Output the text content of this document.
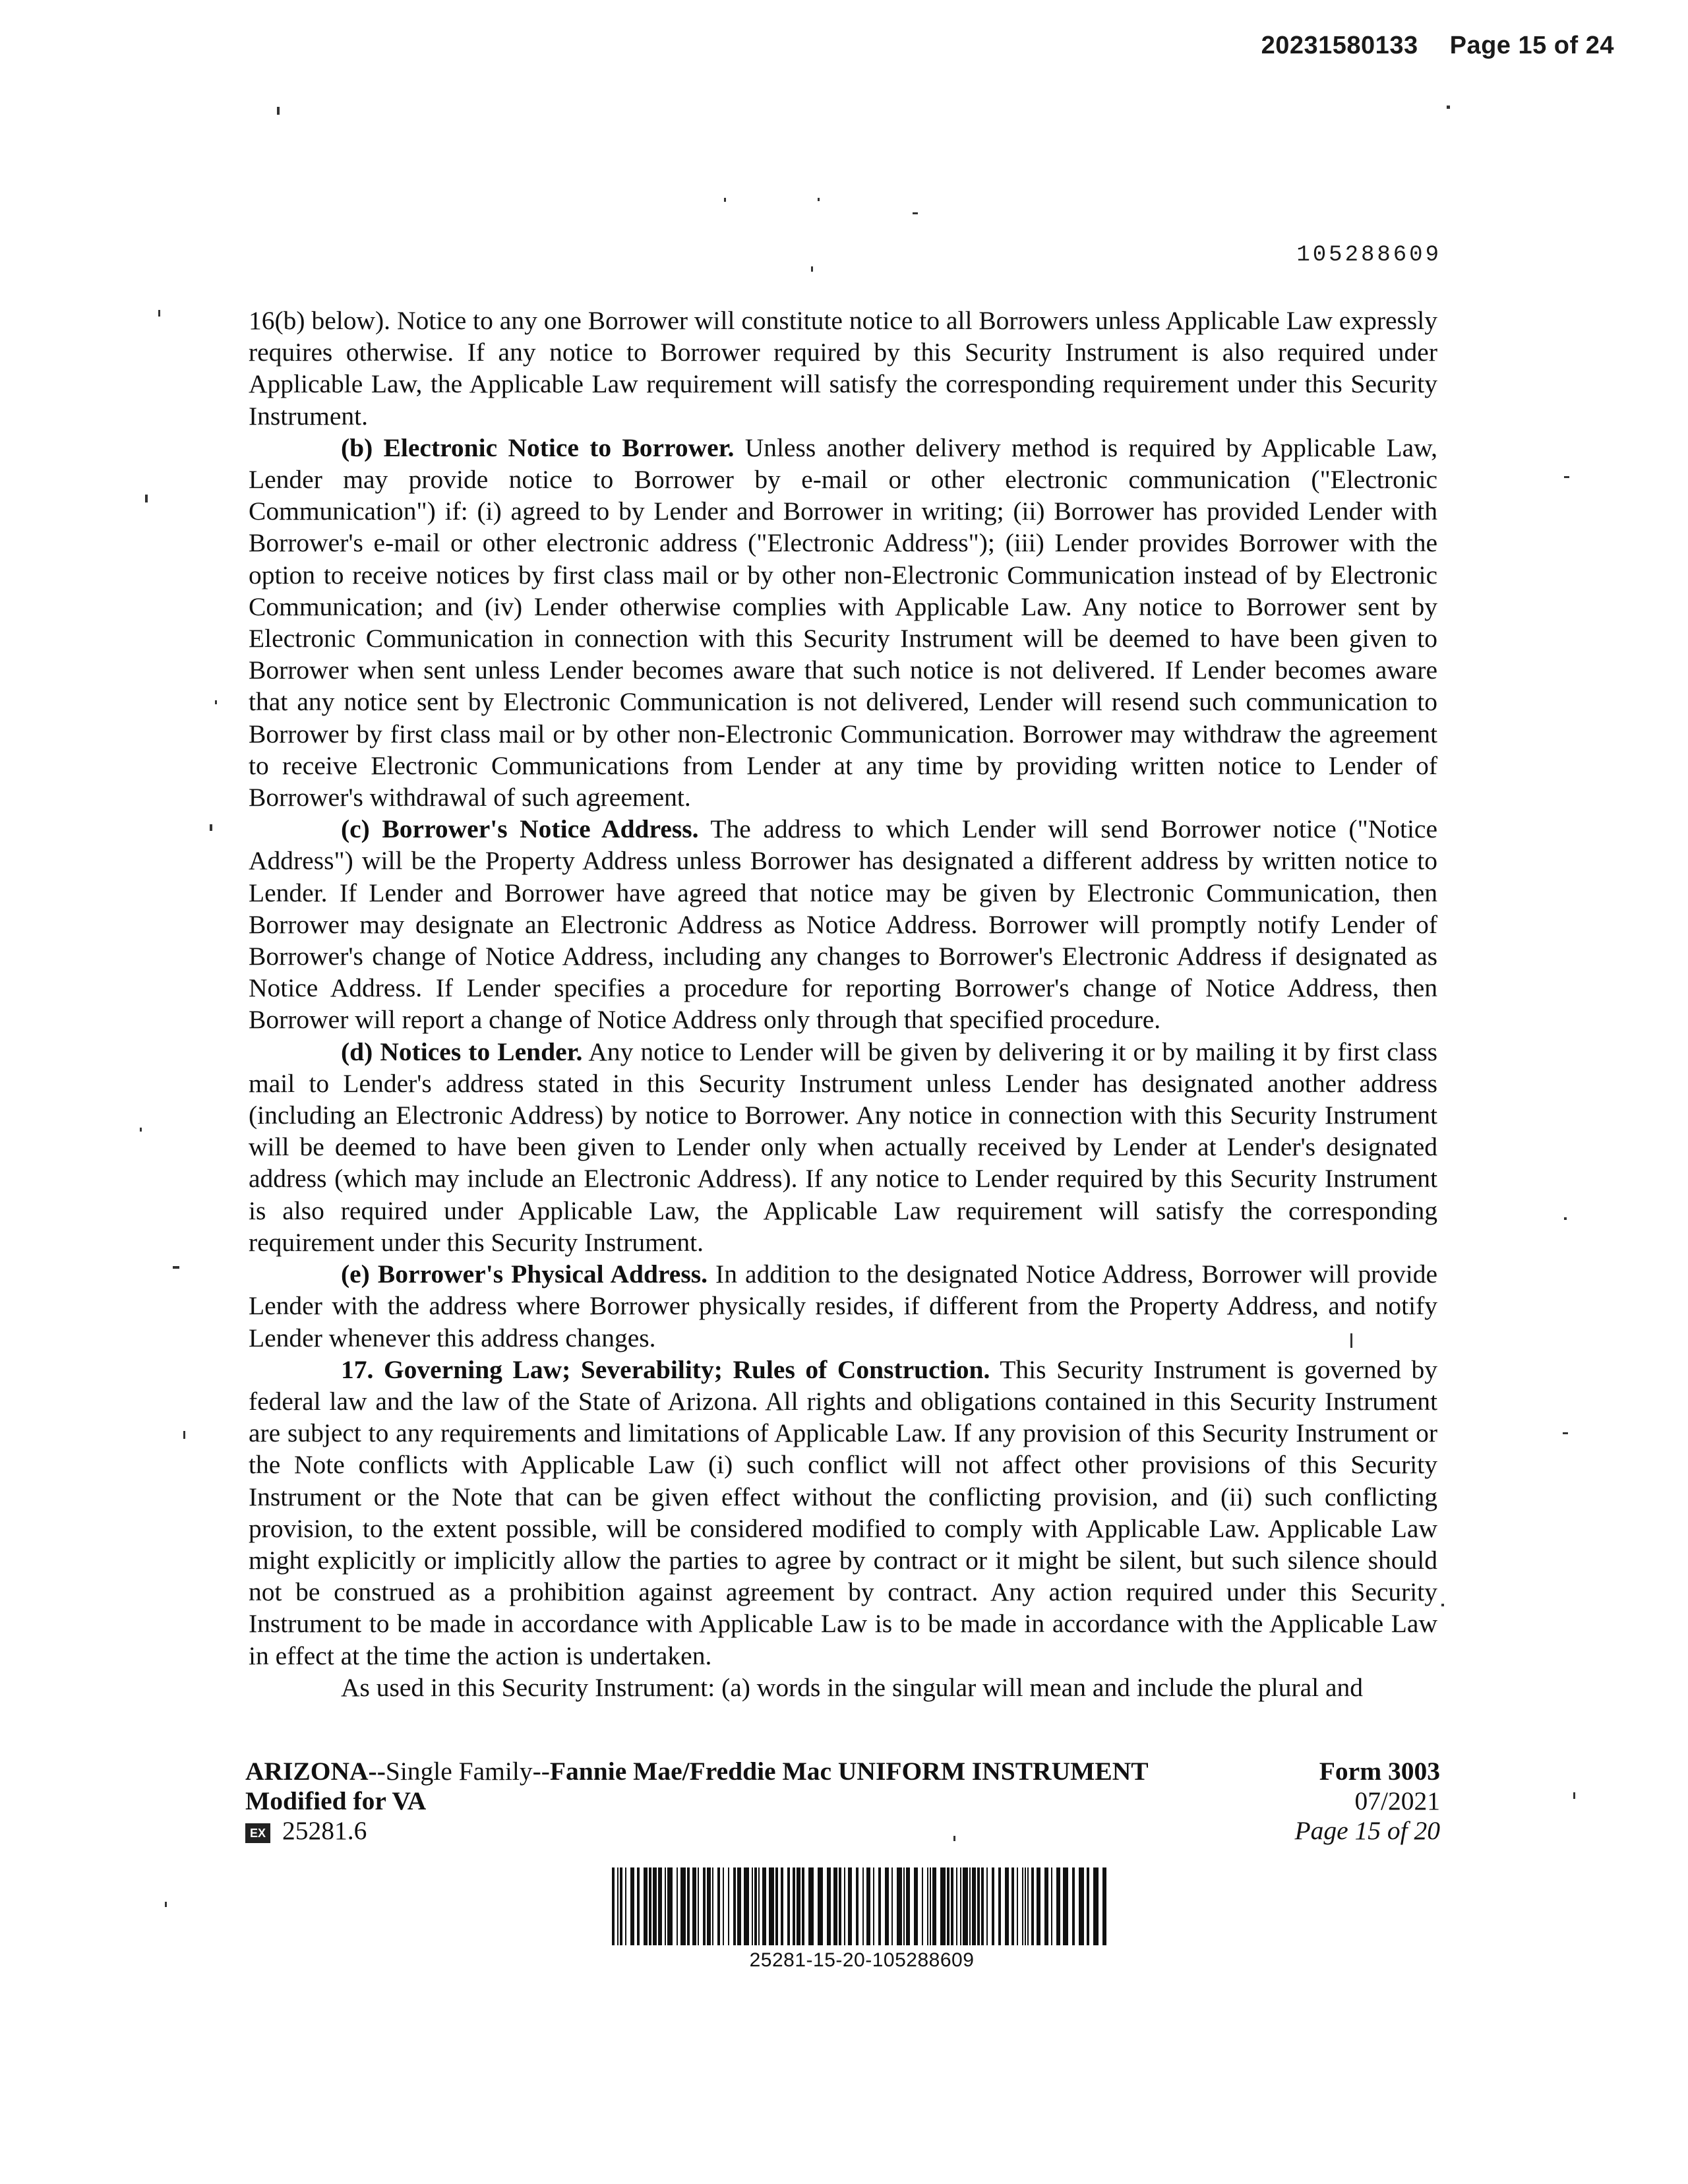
20231580133 Page 15 of 24
105288609

16(b) below). Notice to any one Borrower will constitute notice to all Borrowers unless Applicable Law expressly requires otherwise. If any notice to Borrower required by this Security Instrument is also required under Applicable Law, the Applicable Law requirement will satisfy the corresponding requirement under this Security Instrument.

(b) Electronic Notice to Borrower. Unless another delivery method is required by Applicable Law, Lender may provide notice to Borrower by e-mail or other electronic communication ("Electronic Communication") if: (i) agreed to by Lender and Borrower in writing; (ii) Borrower has provided Lender with Borrower's e-mail or other electronic address ("Electronic Address"); (iii) Lender provides Borrower with the option to receive notices by first class mail or by other non-Electronic Communication instead of by Electronic Communication; and (iv) Lender otherwise complies with Applicable Law. Any notice to Borrower sent by Electronic Communication in connection with this Security Instrument will be deemed to have been given to Borrower when sent unless Lender becomes aware that such notice is not delivered. If Lender becomes aware that any notice sent by Electronic Communication is not delivered, Lender will resend such communication to Borrower by first class mail or by other non-Electronic Communication. Borrower may withdraw the agreement to receive Electronic Communications from Lender at any time by providing written notice to Lender of Borrower's withdrawal of such agreement.

(c) Borrower's Notice Address. The address to which Lender will send Borrower notice ("Notice Address") will be the Property Address unless Borrower has designated a different address by written notice to Lender. If Lender and Borrower have agreed that notice may be given by Electronic Communication, then Borrower may designate an Electronic Address as Notice Address. Borrower will promptly notify Lender of Borrower's change of Notice Address, including any changes to Borrower's Electronic Address if designated as Notice Address. If Lender specifies a procedure for reporting Borrower's change of Notice Address, then Borrower will report a change of Notice Address only through that specified procedure.

(d) Notices to Lender. Any notice to Lender will be given by delivering it or by mailing it by first class mail to Lender's address stated in this Security Instrument unless Lender has designated another address (including an Electronic Address) by notice to Borrower. Any notice in connection with this Security Instrument will be deemed to have been given to Lender only when actually received by Lender at Lender's designated address (which may include an Electronic Address). If any notice to Lender required by this Security Instrument is also required under Applicable Law, the Applicable Law requirement will satisfy the corresponding requirement under this Security Instrument.

(e) Borrower's Physical Address. In addition to the designated Notice Address, Borrower will provide Lender with the address where Borrower physically resides, if different from the Property Address, and notify Lender whenever this address changes.

17. Governing Law; Severability; Rules of Construction. This Security Instrument is governed by federal law and the law of the State of Arizona. All rights and obligations contained in this Security Instrument are subject to any requirements and limitations of Applicable Law. If any provision of this Security Instrument or the Note conflicts with Applicable Law (i) such conflict will not affect other provisions of this Security Instrument or the Note that can be given effect without the conflicting provision, and (ii) such conflicting provision, to the extent possible, will be considered modified to comply with Applicable Law. Applicable Law might explicitly or implicitly allow the parties to agree by contract or it might be silent, but such silence should not be construed as a prohibition against agreement by contract. Any action required under this Security Instrument to be made in accordance with Applicable Law is to be made in accordance with the Applicable Law in effect at the time the action is undertaken.

As used in this Security Instrument: (a) words in the singular will mean and include the plural and

ARIZONA--Single Family--Fannie Mae/Freddie Mac UNIFORM INSTRUMENT
Modified for VA
EX 25281.6
Form 3003
07/2021
Page 15 of 20
25281-15-20-105288609
